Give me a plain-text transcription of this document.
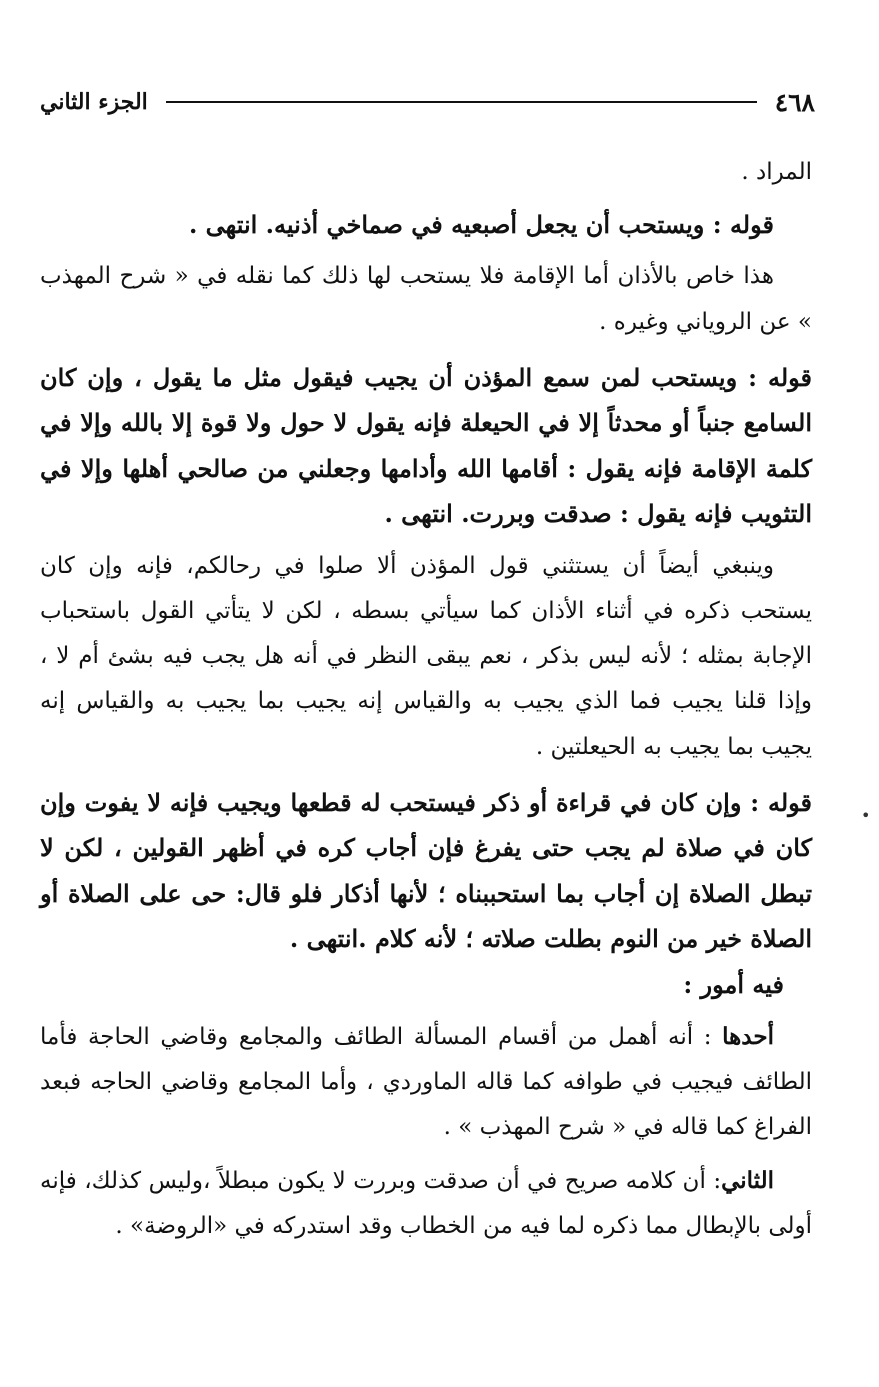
٤٦٨
الجزء الثاني

المراد .

قوله : ويستحب أن يجعل أصبعيه في صماخي أذنيه. انتهى .

هذا خاص بالأذان أما الإقامة فلا يستحب لها ذلك كما نقله في « شرح المهذب » عن الروياني وغيره .

قوله : ويستحب لمن سمع المؤذن أن يجيب فيقول مثل ما يقول ، وإن كان السامع جنباً أو محدثاً إلا في الحيعلة فإنه يقول لا حول ولا قوة إلا بالله وإلا في كلمة الإقامة فإنه يقول : أقامها الله وأدامها وجعلني من صالحي أهلها وإلا في التثويب فإنه يقول : صدقت وبررت. انتهى .

وينبغي أيضاً أن يستثني قول المؤذن ألا صلوا في رحالكم، فإنه وإن كان يستحب ذكره في أثناء الأذان كما سيأتي بسطه ، لكن لا يتأتي القول باستحباب الإجابة بمثله ؛ لأنه ليس بذكر ، نعم يبقى النظر في أنه هل يجب فيه بشئ أم لا ، وإذا قلنا يجيب فما الذي يجيب به والقياس إنه يجيب بما يجيب به والقياس إنه يجيب بما يجيب به الحيعلتين .

قوله : وإن كان في قراءة أو ذكر فيستحب له قطعها ويجيب فإنه لا يفوت وإن كان في صلاة لم يجب حتى يفرغ فإن أجاب كره في أظهر القولين ، لكن لا تبطل الصلاة إن أجاب بما استحببناه ؛ لأنها أذكار فلو قال: حى على الصلاة أو الصلاة خير من النوم بطلت صلاته ؛ لأنه كلام .انتهى .

فيه أمور :

أحدها : أنه أهمل من أقسام المسألة الطائف والمجامع وقاضي الحاجة فأما الطائف فيجيب في طوافه كما قاله الماوردي ، وأما المجامع وقاضي الحاجه فبعد الفراغ كما قاله في « شرح المهذب » .

الثاني: أن كلامه صريح في أن صدقت وبررت لا يكون مبطلاً ،وليس كذلك، فإنه أولى بالإبطال مما ذكره لما فيه من الخطاب وقد استدركه في «الروضة» .

•
